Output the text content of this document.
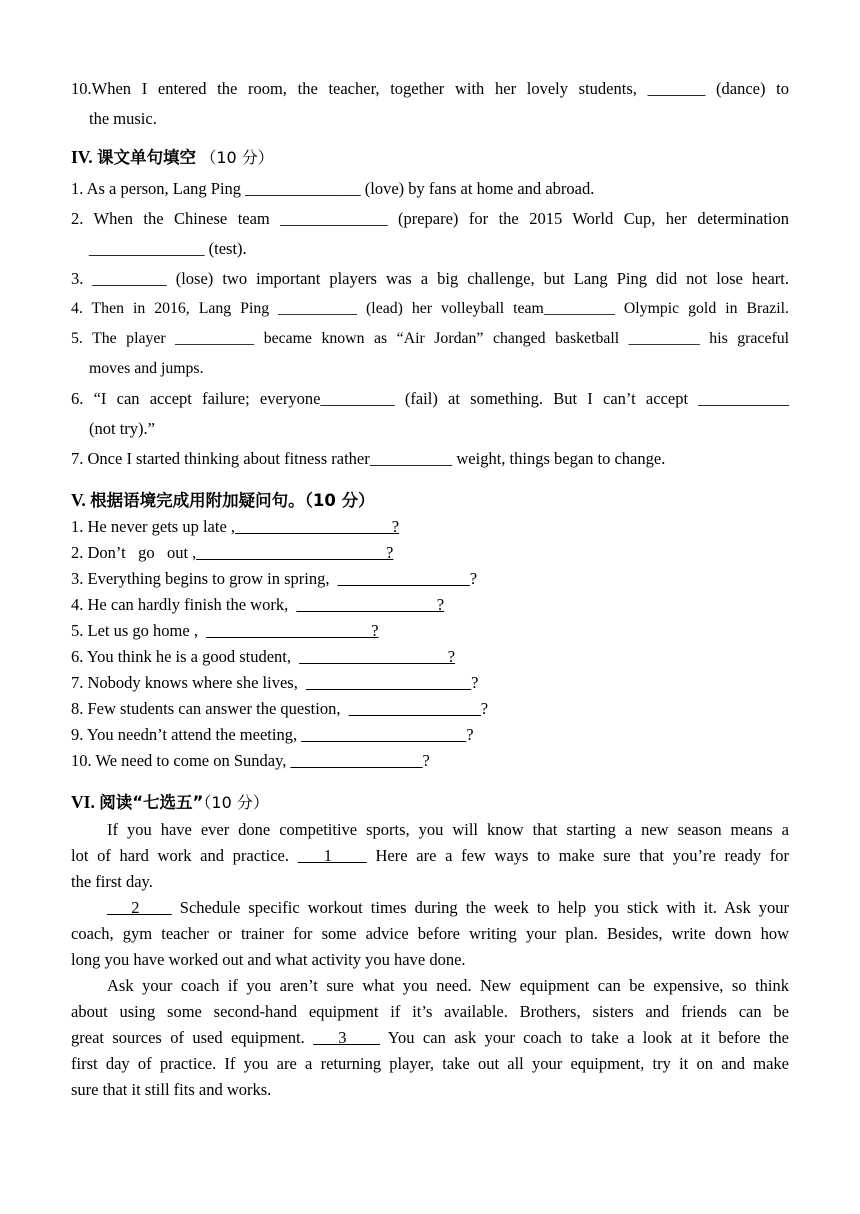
10.When I entered the room, the teacher, together with her lovely students, _______ (dance) to
the music.
IV. 课文单句填空 （10 分）
1. As a person, Lang Ping ______________ (love) by fans at home and abroad.
2. When the Chinese team _____________ (prepare) for the 2015 World Cup, her determination
______________ (test).
3. _________ (lose) two important players was a big challenge, but Lang Ping did not lose heart.
4. Then in 2016, Lang Ping __________ (lead) her volleyball team_________ Olympic gold in Brazil.
5. The player __________ became known as “Air Jordan” changed basketball _________ his graceful
moves and jumps.
6. “I can accept failure; everyone_________ (fail) at something. But I can’t accept ___________
(not try).”
7. Once I started thinking about fitness rather__________ weight, things began to change.
V. 根据语境完成用附加疑问句。（10 分）
1. He never gets up late ,___________________?
2. Don’t   go   out ,_______________________?
3. Everything begins to grow in spring,  ________________?
4. He can hardly finish the work,  _________________?
5. Let us go home ,  ____________________?
6. You think he is a good student,  __________________?
7. Nobody knows where she lives,  ____________________?
8. Few students can answer the question,  ________________?
9. You needn’t attend the meeting, ____________________?
10. We need to come on Sunday, ________________?
VI. 阅读“七选五”（10 分）
If you have ever done competitive sports, you will know that starting a new season means a
lot of hard work and practice.    1     Here are a few ways to make sure that you’re ready for
the first day.
2     Schedule specific workout times during the week to help you stick with it. Ask your
coach, gym teacher or trainer for some advice before writing your plan. Besides, write down how
long you have worked out and what activity you have done.
Ask your coach if you aren’t sure what you need. New equipment can be expensive, so think
about using some second-hand equipment if it’s available. Brothers, sisters and friends can be
great sources of used equipment.    3     You can ask your coach to take a look at it before the
first day of practice. If you are a returning player, take out all your equipment, try it on and make
sure that it still fits and works.
